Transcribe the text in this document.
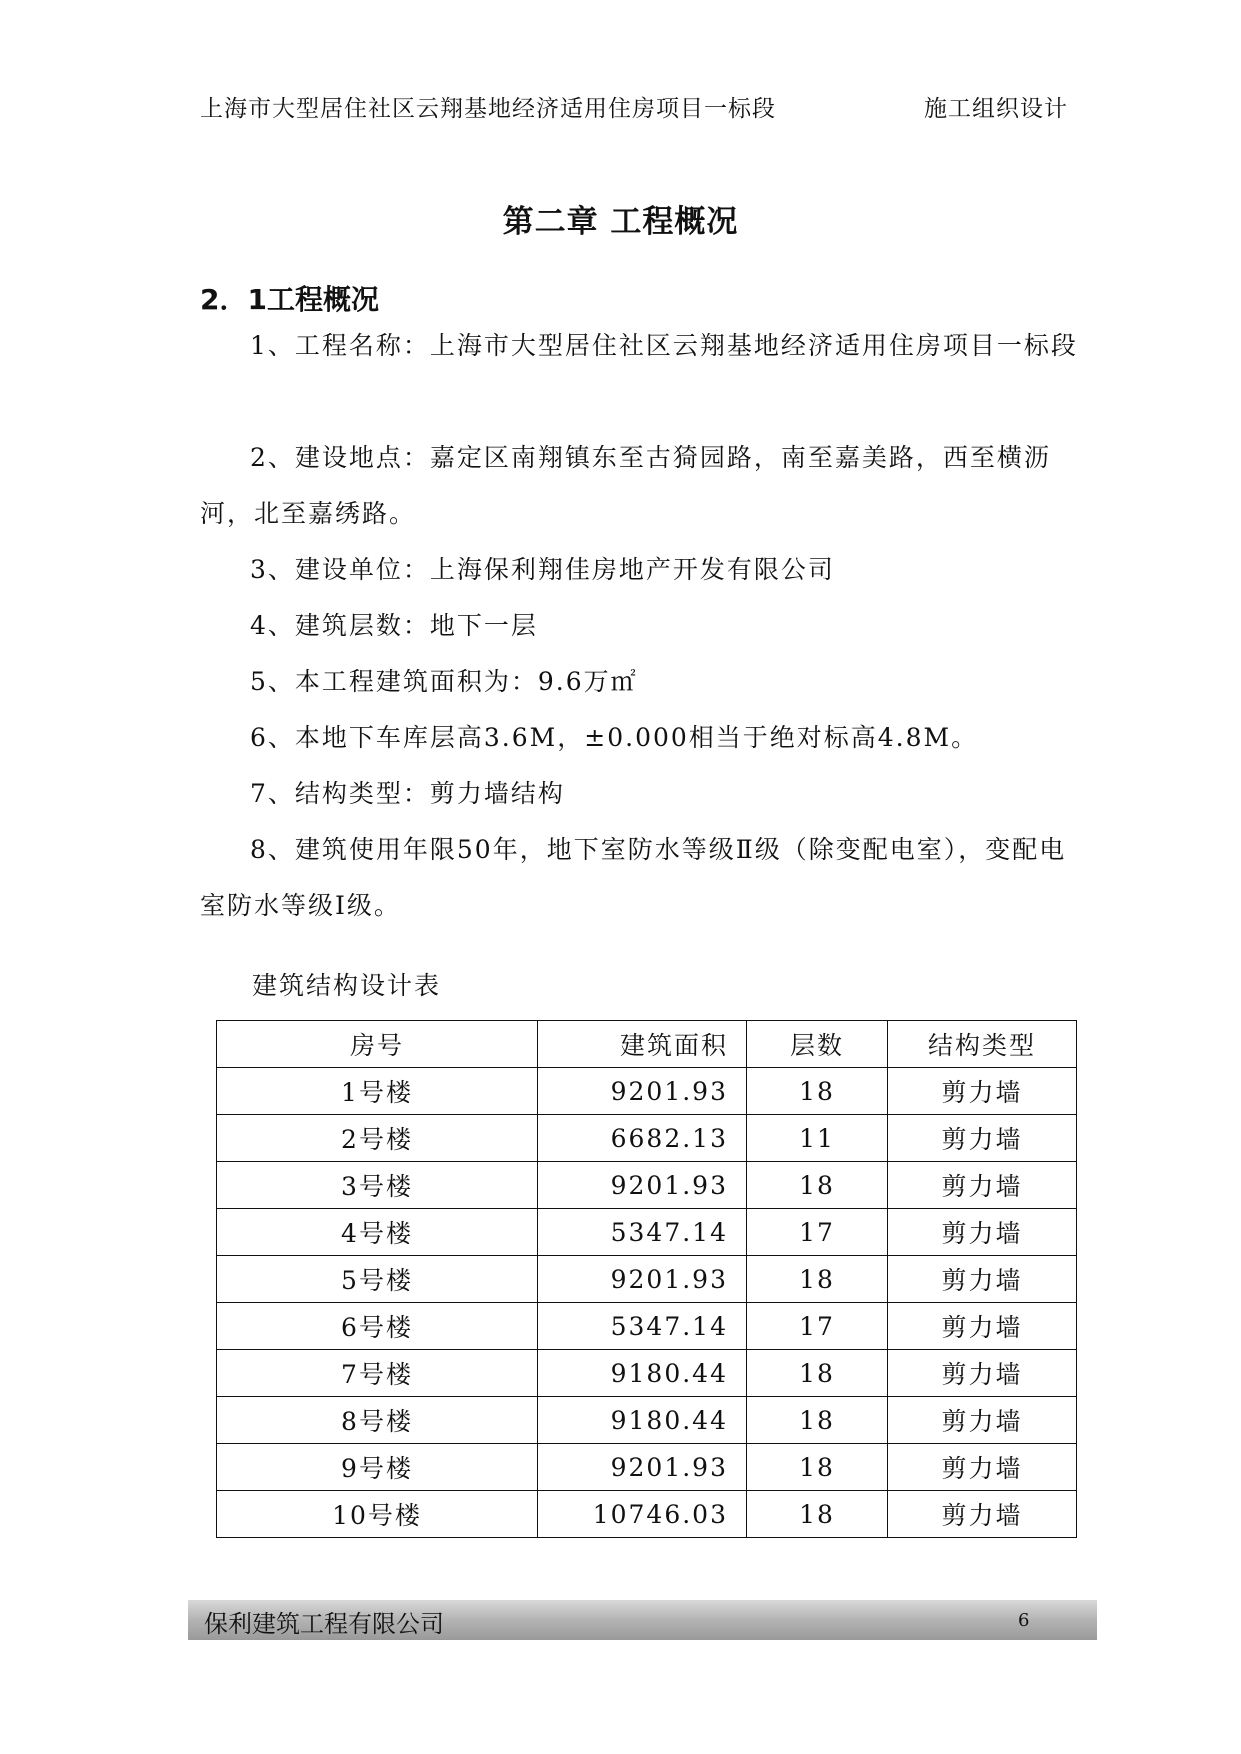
上海市大型居住社区云翔基地经济适用住房项目一标段	施工组织设计
第二章 工程概况
2．1工程概况

1、工程名称：上海市大型居住社区云翔基地经济适用住房项目一标段

2、建设地点：嘉定区南翔镇东至古猗园路，南至嘉美路，西至横沥河，北至嘉绣路。

3、建设单位：上海保利翔佳房地产开发有限公司

4、建筑层数：地下一层

5、本工程建筑面积为：9.6万㎡

6、本地下车库层高3.6M，±0.000相当于绝对标高4.8M。

7、结构类型：剪力墙结构

8、建筑使用年限50年，地下室防水等级Ⅱ级（除变配电室），变配电室防水等级Ⅰ级。

建筑结构设计表
房号	建筑面积	层数	结构类型
1号楼	9201.93	18	剪力墙
2号楼	6682.13	11	剪力墙
3号楼	9201.93	18	剪力墙
4号楼	5347.14	17	剪力墙
5号楼	9201.93	18	剪力墙
6号楼	5347.14	17	剪力墙
7号楼	9180.44	18	剪力墙
8号楼	9180.44	18	剪力墙
9号楼	9201.93	18	剪力墙
10号楼	10746.03	18	剪力墙
保利建筑工程有限公司	6
